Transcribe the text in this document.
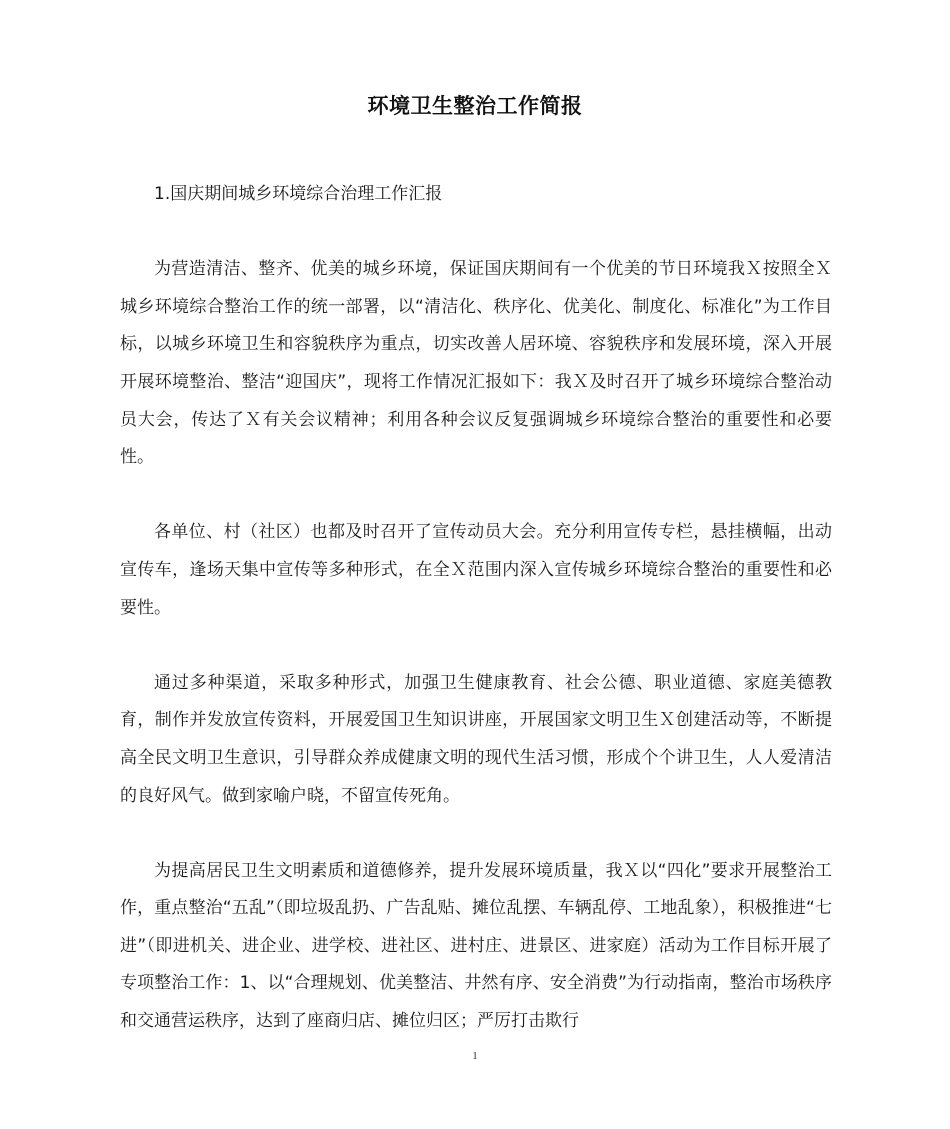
环境卫生整治工作简报

1.国庆期间城乡环境综合治理工作汇报

为营造清洁、整齐、优美的城乡环境，保证国庆期间有一个优美的节日环境我Ｘ按照全Ｘ城乡环境综合整治工作的统一部署，以“清洁化、秩序化、优美化、制度化、标准化”为工作目标，以城乡环境卫生和容貌秩序为重点，切实改善人居环境、容貌秩序和发展环境，深入开展开展环境整治、整洁“迎国庆”，现将工作情况汇报如下：我Ｘ及时召开了城乡环境综合整治动员大会，传达了Ｘ有关会议精神；利用各种会议反复强调城乡环境综合整治的重要性和必要性。

各单位、村（社区）也都及时召开了宣传动员大会。充分利用宣传专栏，悬挂横幅，出动宣传车，逢场天集中宣传等多种形式，在全Ｘ范围内深入宣传城乡环境综合整治的重要性和必要性。

通过多种渠道，采取多种形式，加强卫生健康教育、社会公德、职业道德、家庭美德教育，制作并发放宣传资料，开展爱国卫生知识讲座，开展国家文明卫生Ｘ创建活动等，不断提高全民文明卫生意识，引导群众养成健康文明的现代生活习惯，形成个个讲卫生，人人爱清洁的良好风气。做到家喻户晓，不留宣传死角。

为提高居民卫生文明素质和道德修养，提升发展环境质量，我Ｘ以“四化”要求开展整治工作，重点整治“五乱”（即垃圾乱扔、广告乱贴、摊位乱摆、车辆乱停、工地乱象），积极推进“七进”（即进机关、进企业、进学校、进社区、进村庄、进景区、进家庭）活动为工作目标开展了专项整治工作：1、以“合理规划、优美整洁、井然有序、安全消费”为行动指南，整治市场秩序和交通营运秩序，达到了座商归店、摊位归区；严厉打击欺行

1
